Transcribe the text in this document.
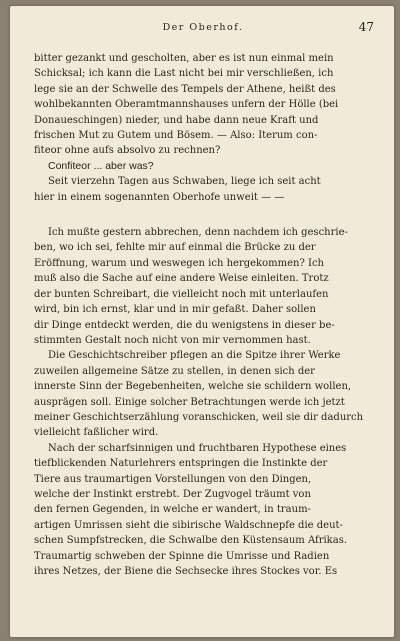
Der Oberhof.	47

bitter gezankt und gescholten, aber es ist nun einmal mein
Schicksal; ich kann die Last nicht bei mir verschließen, ich
lege sie an der Schwelle des Tempels der Athene, heißt des
wohlbekannten Oberamtmannshauses unfern der Hölle (bei
Donaueschingen) nieder, und habe dann neue Kraft und
frischen Mut zu Gutem und Bösem. — Also: Iterum con-
fiteor ohne aufs absolvo zu rechnen?

Confiteor ... aber was?

Seit vierzehn Tagen aus Schwaben, liege ich seit acht
hier in einem sogenannten Oberhofe unweit — —

Ich mußte gestern abbrechen, denn nachdem ich geschrie-
ben, wo ich sei, fehlte mir auf einmal die Brücke zu der
Eröffnung, warum und weswegen ich hergekommen? Ich
muß also die Sache auf eine andere Weise einleiten. Trotz
der bunten Schreibart, die vielleicht noch mit unterlaufen
wird, bin ich ernst, klar und in mir gefaßt. Daher sollen
dir Dinge entdeckt werden, die du wenigstens in dieser be-
stimmten Gestalt noch nicht von mir vernommen hast.

Die Geschichtschreiber pflegen an die Spitze ihrer Werke
zuweilen allgemeine Sätze zu stellen, in denen sich der
innerste Sinn der Begebenheiten, welche sie schildern wollen,
ausprägen soll. Einige solcher Betrachtungen werde ich jetzt
meiner Geschichtserzählung voranschicken, weil sie dir dadurch
vielleicht faßlicher wird.

Nach der scharfsinnigen und fruchtbaren Hypothese eines
tiefblickenden Naturlehrers entspringen die Instinkte der
Tiere aus traumartigen Vorstellungen von den Dingen,
welche der Instinkt erstrebt. Der Zugvogel träumt von
den fernen Gegenden, in welche er wandert, in traum-
artigen Umrissen sieht die sibirische Waldschnepfe die deut-
schen Sumpfstrecken, die Schwalbe den Küstensaum Afrikas.
Traumartig schweben der Spinne die Umrisse und Radien
ihres Netzes, der Biene die Sechsecke ihres Stockes vor. Es
